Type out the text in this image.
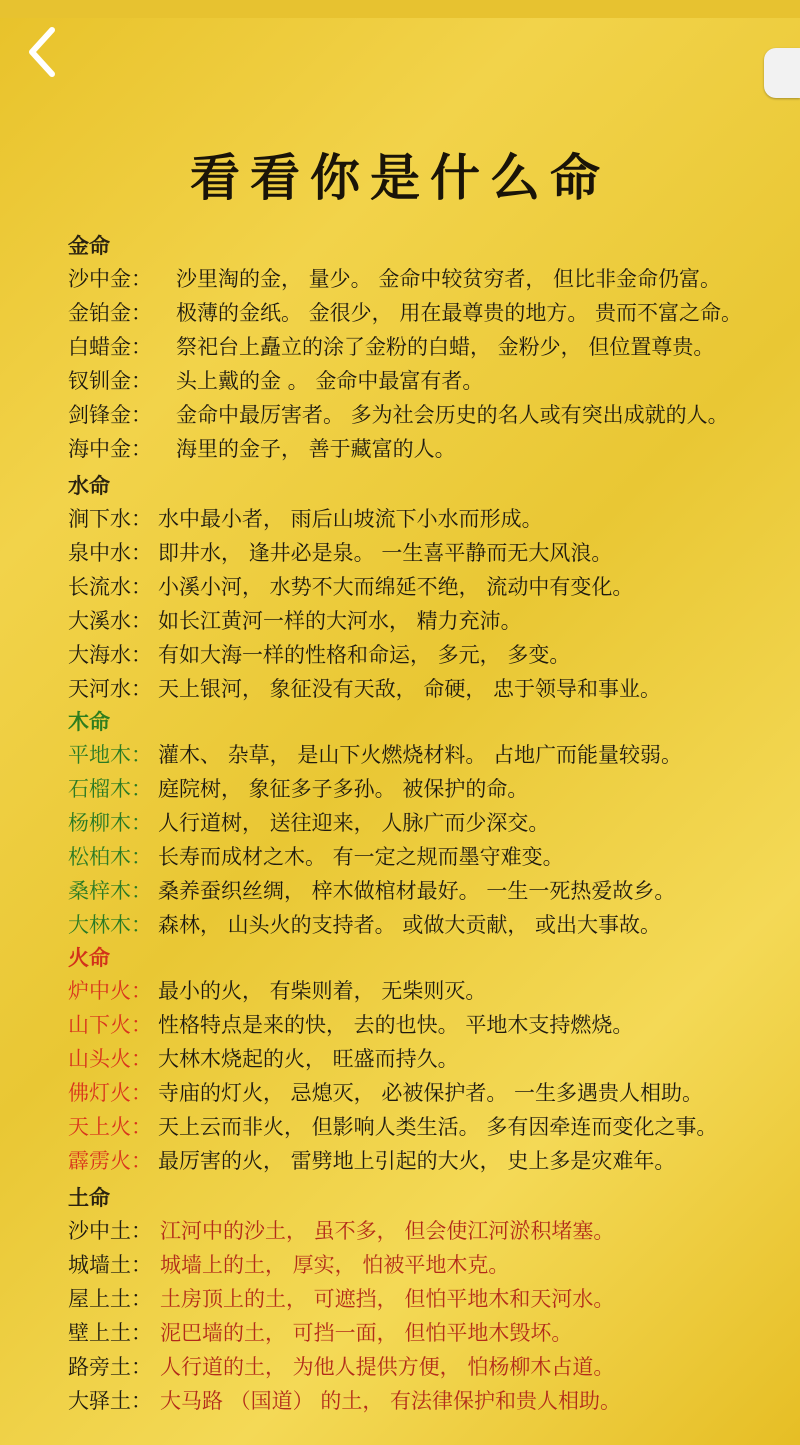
看看你是什么命
金命
沙中金： 沙里淘的金， 量少。 金命中较贫穷者， 但比非金命仍富。
金铂金： 极薄的金纸。 金很少， 用在最尊贵的地方。 贵而不富之命。
白蜡金： 祭祀台上矗立的涂了金粉的白蜡， 金粉少， 但位置尊贵。
钗钏金： 头上戴的金 。 金命中最富有者。
剑锋金： 金命中最厉害者。 多为社会历史的名人或有突出成就的人。
海中金： 海里的金子， 善于藏富的人。
水命
涧下水： 水中最小者， 雨后山坡流下小水而形成。
泉中水： 即井水， 逢井必是泉。 一生喜平静而无大风浪。
长流水： 小溪小河， 水势不大而绵延不绝， 流动中有变化。
大溪水： 如长江黄河一样的大河水， 精力充沛。
大海水： 有如大海一样的性格和命运， 多元， 多变。
天河水： 天上银河， 象征没有天敌， 命硬， 忠于领导和事业。
木命
平地木： 灌木、 杂草， 是山下火燃烧材料。 占地广而能量较弱。
石榴木： 庭院树， 象征多子多孙。 被保护的命。
杨柳木： 人行道树， 送往迎来， 人脉广而少深交。
松柏木： 长寿而成材之木。 有一定之规而墨守难变。
桑梓木： 桑养蚕织丝绸， 梓木做棺材最好。 一生一死热爱故乡。
大林木： 森林， 山头火的支持者。 或做大贡献， 或出大事故。
火命
炉中火： 最小的火， 有柴则着， 无柴则灭。
山下火： 性格特点是来的快， 去的也快。 平地木支持燃烧。
山头火： 大林木烧起的火， 旺盛而持久。
佛灯火： 寺庙的灯火， 忌熄灭， 必被保护者。 一生多遇贵人相助。
天上火： 天上云而非火， 但影响人类生活。 多有因牵连而变化之事。
霹雳火： 最厉害的火， 雷劈地上引起的大火， 史上多是灾难年。
土命
沙中土： 江河中的沙土， 虽不多， 但会使江河淤积堵塞。
城墙土： 城墙上的土， 厚实， 怕被平地木克。
屋上土： 土房顶上的土， 可遮挡， 但怕平地木和天河水。
壁上土： 泥巴墙的土， 可挡一面， 但怕平地木毁坏。
路旁土： 人行道的土， 为他人提供方便， 怕杨柳木占道。
大驿土： 大马路 （国道） 的土， 有法律保护和贵人相助。
